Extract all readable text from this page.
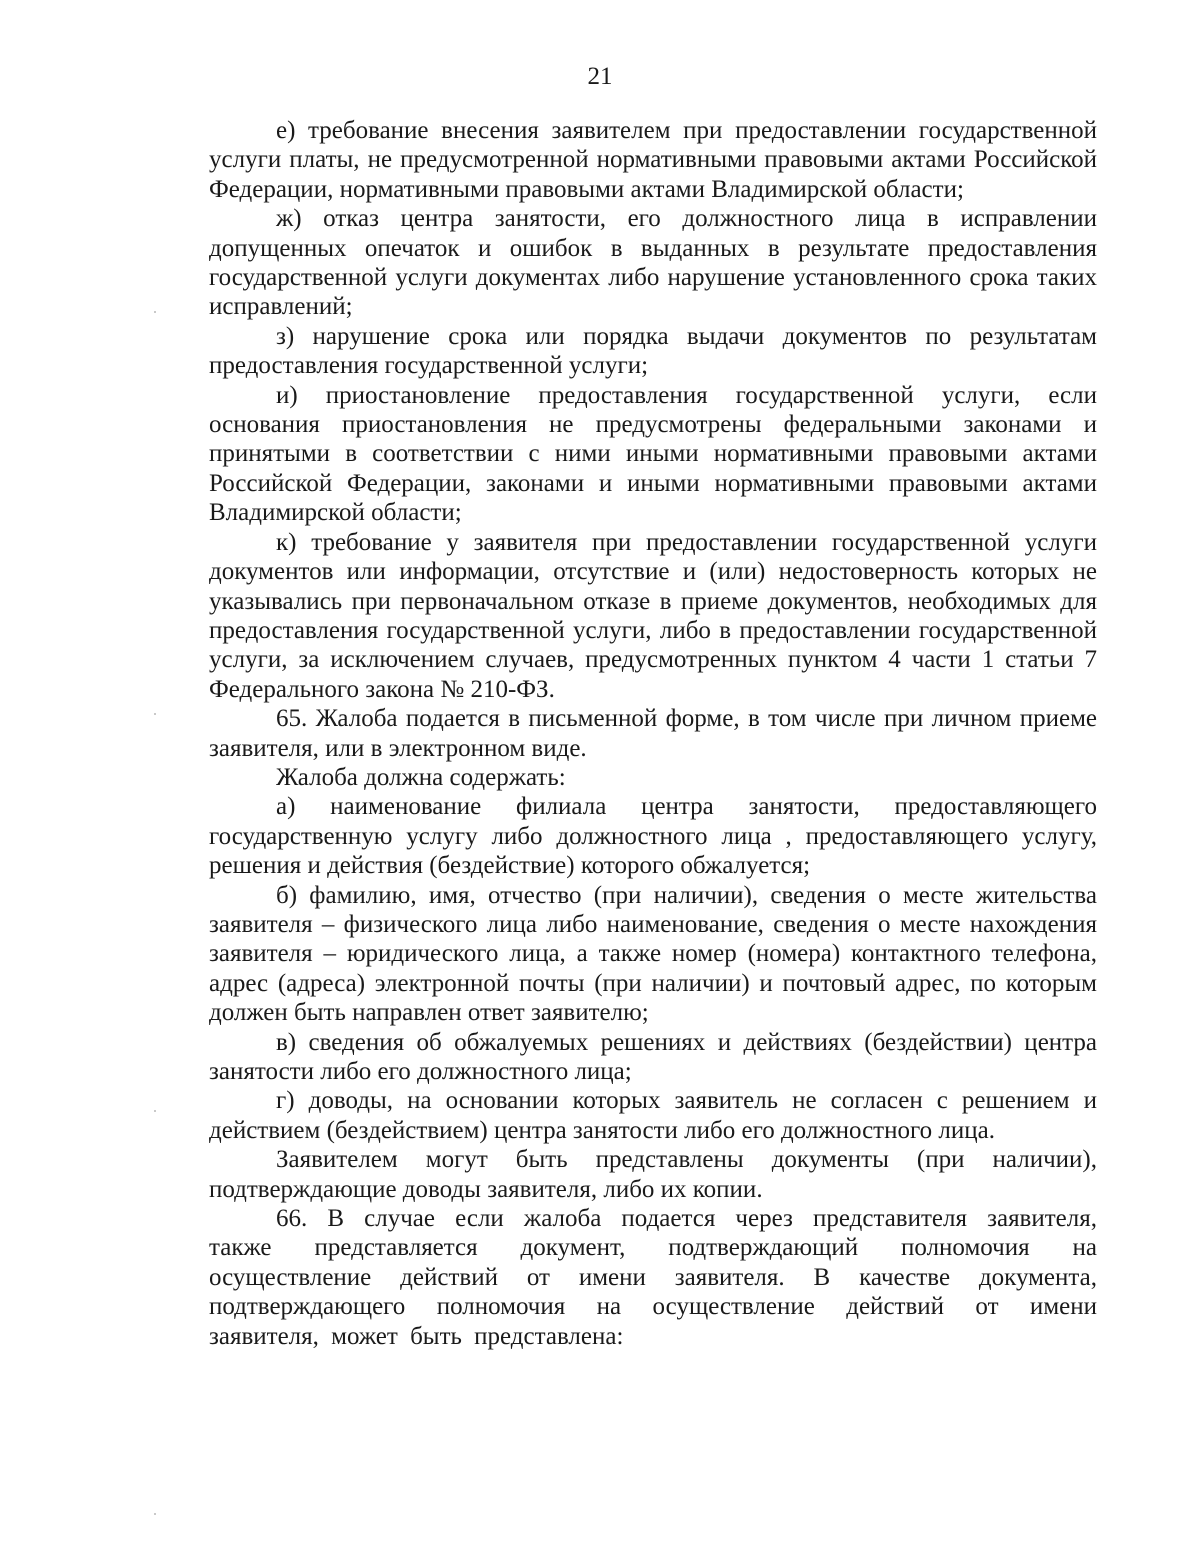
21

е) требование внесения заявителем при предоставлении государственной услуги платы, не предусмотренной нормативными правовыми актами Российской Федерации, нормативными правовыми актами Владимирской области;

ж) отказ центра занятости, его должностного лица в исправлении допущенных опечаток и ошибок в выданных в результате предоставления государственной услуги документах либо нарушение установленного срока таких исправлений;

з) нарушение срока или порядка выдачи документов по результатам предоставления государственной услуги;

и) приостановление предоставления государственной услуги, если основания приостановления не предусмотрены федеральными законами и принятыми в соответствии с ними иными нормативными правовыми актами Российской Федерации, законами и иными нормативными правовыми актами Владимирской области;

к) требование у заявителя при предоставлении государственной услуги документов или информации, отсутствие и (или) недостоверность которых не указывались при первоначальном отказе в приеме документов, необходимых для предоставления государственной услуги, либо в предоставлении государственной услуги, за исключением случаев, предусмотренных пунктом 4 части 1 статьи 7 Федерального закона № 210-ФЗ.

65. Жалоба подается в письменной форме, в том числе при личном приеме заявителя, или в электронном виде.

Жалоба должна содержать:

а) наименование филиала центра занятости, предоставляющего государственную услугу либо должностного лица , предоставляющего услугу, решения и действия (бездействие) которого обжалуется;

б) фамилию, имя, отчество (при наличии), сведения о месте жительства заявителя – физического лица либо наименование, сведения о месте нахождения заявителя – юридического лица, а также номер (номера) контактного телефона, адрес (адреса) электронной почты (при наличии) и почтовый адрес, по которым должен быть направлен ответ заявителю;

в) сведения об обжалуемых решениях и действиях (бездействии) центра занятости либо его должностного лица;

г) доводы, на основании которых заявитель не согласен с решением и действием (бездействием) центра занятости либо его должностного лица.

Заявителем могут быть представлены документы (при наличии), подтверждающие доводы заявителя, либо их копии.

66. В случае если жалоба подается через представителя заявителя, также представляется документ, подтверждающий полномочия на осуществление действий от имени заявителя. В качестве документа, подтверждающего полномочия на осуществление действий от имени заявителя, может быть представлена:
